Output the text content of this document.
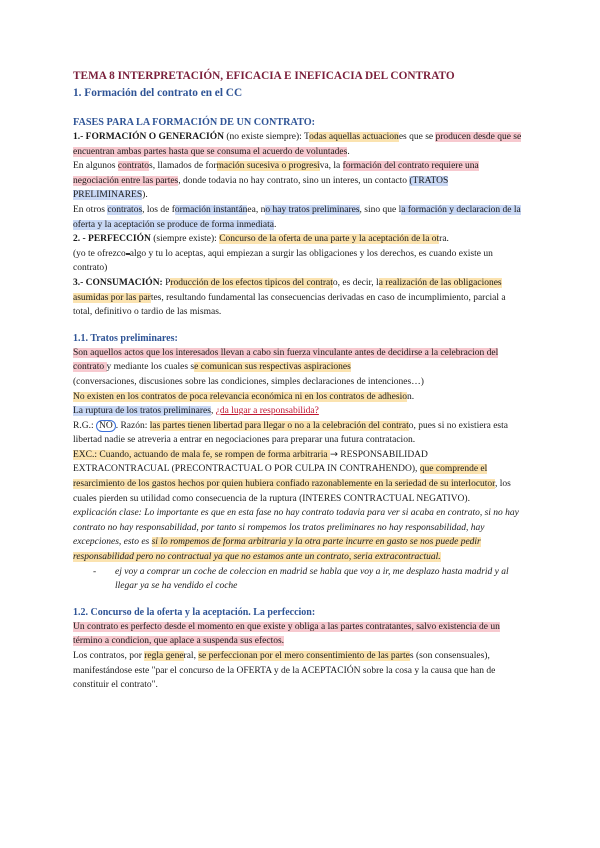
TEMA 8 INTERPRETACIÓN, EFICACIA E INEFICACIA DEL CONTRATO

1. Formación del contrato en el CC

FASES PARA LA FORMACIÓN DE UN CONTRATO:

1.- FORMACIÓN O GENERACIÓN (no existe siempre): Todas aquellas actuaciones que se producen desde que se encuentran ambas partes hasta que se consuma el acuerdo de voluntades.

En algunos contratos, llamados de formación sucesiva o progresiva, la formación del contrato requiere una negociación entre las partes, donde todavia no hay contrato, sino un interes, un contacto (TRATOS PRELIMINARES).

En otros contratos, los de formación instantánea, no hay tratos preliminares, sino que la formación y declaracion de la oferta y la aceptación se produce de forma inmediata.

2. - PERFECCIÓN (siempre existe): Concurso de la oferta de una parte y la aceptación de la otra.

(yo te ofrezco algo y tu lo aceptas, aqui empiezan a surgir las obligaciones y los derechos, es cuando existe un contrato)

3.- CONSUMACIÓN: Producción de los efectos tipicos del contrato, es decir, la realización de las obligaciones asumidas por las partes, resultando fundamental las consecuencias derivadas en caso de incumplimiento, parcial a total, definitivo o tardio de las mismas.

1.1. Tratos preliminares:

Son aquellos actos que los interesados llevan a cabo sin fuerza vinculante antes de decidirse a la celebracion del contrato y mediante los cuales se comunican sus respectivas aspiraciones

(conversaciones, discusiones sobre las condiciones, simples declaraciones de intenciones…)

No existen en los contratos de poca relevancia económica ni en los contratos de adhesion.

La ruptura de los tratos preliminares, ¿da lugar a responsabilida?

R.G.: NO . Razón: las partes tienen libertad para llegar o no a la celebración del contrato, pues si no existiera esta libertad nadie se atreveria a entrar en negociaciones para preparar una futura contratacion.

EXC.: Cuando, actuando de mala fe, se rompen de forma arbitraria → RESPONSABILIDAD EXTRACONTRACUAL (PRECONTRACTUAL O POR CULPA IN CONTRAHENDO), que comprende el resarcimiento de los gastos hechos por quien hubiera confiado razonablemente en la seriedad de su interlocutor, los cuales pierden su utilidad como consecuencia de la ruptura (INTERES CONTRACTUAL NEGATIVO).

explicación clase: Lo importante es que en esta fase no hay contrato todavia para ver si acaba en contrato, si no hay contrato no hay responsabilidad, por tanto si rompemos los tratos preliminares no hay responsabilidad, hay excepciones, esto es si lo rompemos de forma arbitraria y la otra parte incurre en gasto se nos puede pedir responsabilidad pero no contractual ya que no estamos ante un contrato, seria extracontractual.

-	ej voy a comprar un coche de coleccion en madrid se habla que voy a ir, me desplazo hasta madrid y al llegar ya se ha vendido el coche

1.2. Concurso de la oferta y la aceptación. La perfeccion:

Un contrato es perfecto desde el momento en que existe y obliga a las partes contratantes, salvo existencia de un término a condicion, que aplace a suspenda sus efectos.

Los contratos, por regla general, se perfeccionan por el mero consentimiento de las partes (son consensuales), manifestándose este "par el concurso de la OFERTA y de la ACEPTACIÓN sobre la cosa y la causa que han de constituir el contrato".
